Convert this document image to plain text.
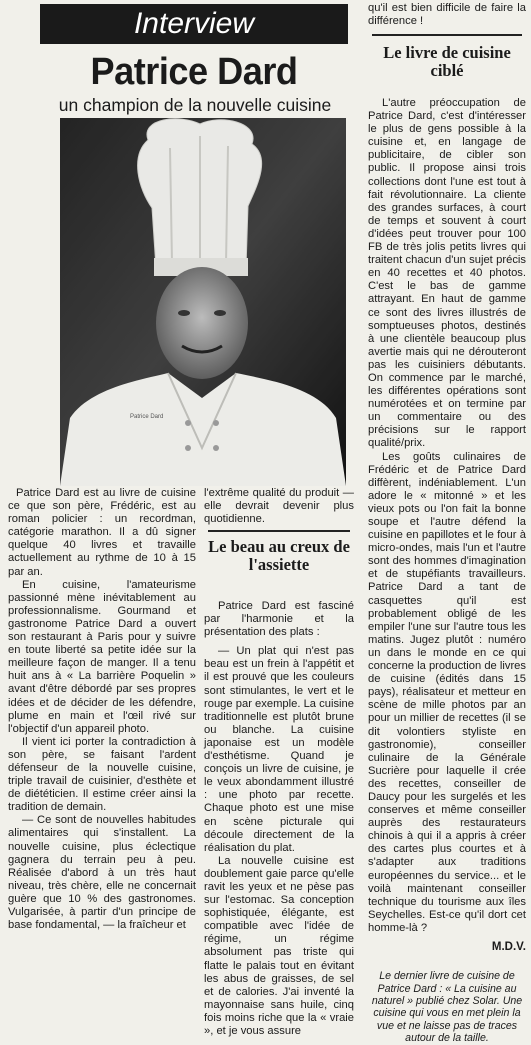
Interview
Patrice Dard
un champion de la nouvelle cuisine
Patrice Dard

Patrice Dard est au livre de cuisine ce que son père, Frédéric, est au roman policier : un recordman, catégorie marathon. Il a dû signer quelque 40 livres et travaille actuellement au rythme de 10 à 15 par an.

En cuisine, l'amateurisme passionné mène inévitablement au professionnalisme. Gourmand et gastronome Patrice Dard a ouvert son restaurant à Paris pour y suivre en toute liberté sa petite idée sur la meilleure façon de manger. Il a tenu huit ans à « La barrière Poquelin » avant d'être débordé par ses propres idées et de décider de les défendre, plume en main et l'œil rivé sur l'objectif d'un appareil photo.

Il vient ici porter la contradiction à son père, se faisant l'ardent défenseur de la nouvelle cuisine, triple travail de cuisinier, d'esthète et de diététicien. Il estime créer ainsi la tradition de demain.

— Ce sont de nouvelles habitudes alimentaires qui s'installent. La nouvelle cuisine, plus éclectique gagnera du terrain peu à peu. Réalisée d'abord à un très haut niveau, très chère, elle ne concernait guère que 10 % des gastronomes. Vulgarisée, à partir d'un principe de base fondamental, — la fraîcheur et

l'extrême qualité du produit — elle devrait devenir plus quotidienne.

Le beau au creux de l'assiette

Patrice Dard est fasciné par l'harmonie et la présentation des plats :

— Un plat qui n'est pas beau est un frein à l'appétit et il est prouvé que les couleurs sont stimulantes, le vert et le rouge par exemple. La cuisine traditionnelle est plutôt brune ou blanche. La cuisine japonaise est un modèle d'esthétisme. Quand je conçois un livre de cuisine, je le veux abondamment illustré : une photo par recette. Chaque photo est une mise en scène picturale qui découle directement de la réalisation du plat.

La nouvelle cuisine est doublement gaie parce qu'elle ravit les yeux et ne pèse pas sur l'estomac. Sa conception sophistiquée, élégante, est compatible avec l'idée de régime, un régime absolument pas triste qui flatte le palais tout en évitant les abus de graisses, de sel et de calories. J'ai inventé la mayonnaise sans huile, cinq fois moins riche que la « vraie », et je vous assure

qu'il est bien difficile de faire la différence !

Le livre de cuisine ciblé

L'autre préoccupation de Patrice Dard, c'est d'intéresser le plus de gens possible à la cuisine et, en langage de publicitaire, de cibler son public. Il propose ainsi trois collections dont l'une est tout à fait révolutionnaire. La cliente des grandes surfaces, à court de temps et souvent à court d'idées peut trouver pour 100 FB de très jolis petits livres qui traitent chacun d'un sujet précis en 40 recettes et 40 photos. C'est le bas de gamme attrayant. En haut de gamme ce sont des livres illustrés de somptueuses photos, destinés à une clientèle beaucoup plus avertie mais qui ne dérouteront pas les cuisiniers débutants. On commence par le marché, les différentes opérations sont numérotées et on termine par un commentaire ou des précisions sur le rapport qualité/prix.

Les goûts culinaires de Frédéric et de Patrice Dard diffèrent, indéniablement. L'un adore le « mitonné » et les vieux pots ou l'on fait la bonne soupe et l'autre défend la cuisine en papillotes et le four à micro-ondes, mais l'un et l'autre sont des hommes d'imagination et de stupéfiants travailleurs. Patrice Dard a tant de casquettes qu'il est probablement obligé de les empiler l'une sur l'autre tous les matins. Jugez plutôt : numéro un dans le monde en ce qui concerne la production de livres de cuisine (édités dans 15 pays), réalisateur et metteur en scène de mille photos par an pour un millier de recettes (il se dit volontiers styliste en gastronomie), conseiller culinaire de la Générale Sucrière pour laquelle il crée des recettes, conseiller de Daucy pour les surgelés et les conserves et même conseiller auprès des restaurateurs chinois à qui il a appris à créer des cartes plus courtes et à s'adapter aux traditions européennes du service... et le voilà maintenant conseiller technique du tourisme aux îles Seychelles. Est-ce qu'il dort cet homme-là ?

M.D.V.
Le dernier livre de cuisine de Patrice Dard : « La cuisine au naturel » publié chez Solar. Une cuisine qui vous en met plein la vue et ne laisse pas de traces autour de la taille.
